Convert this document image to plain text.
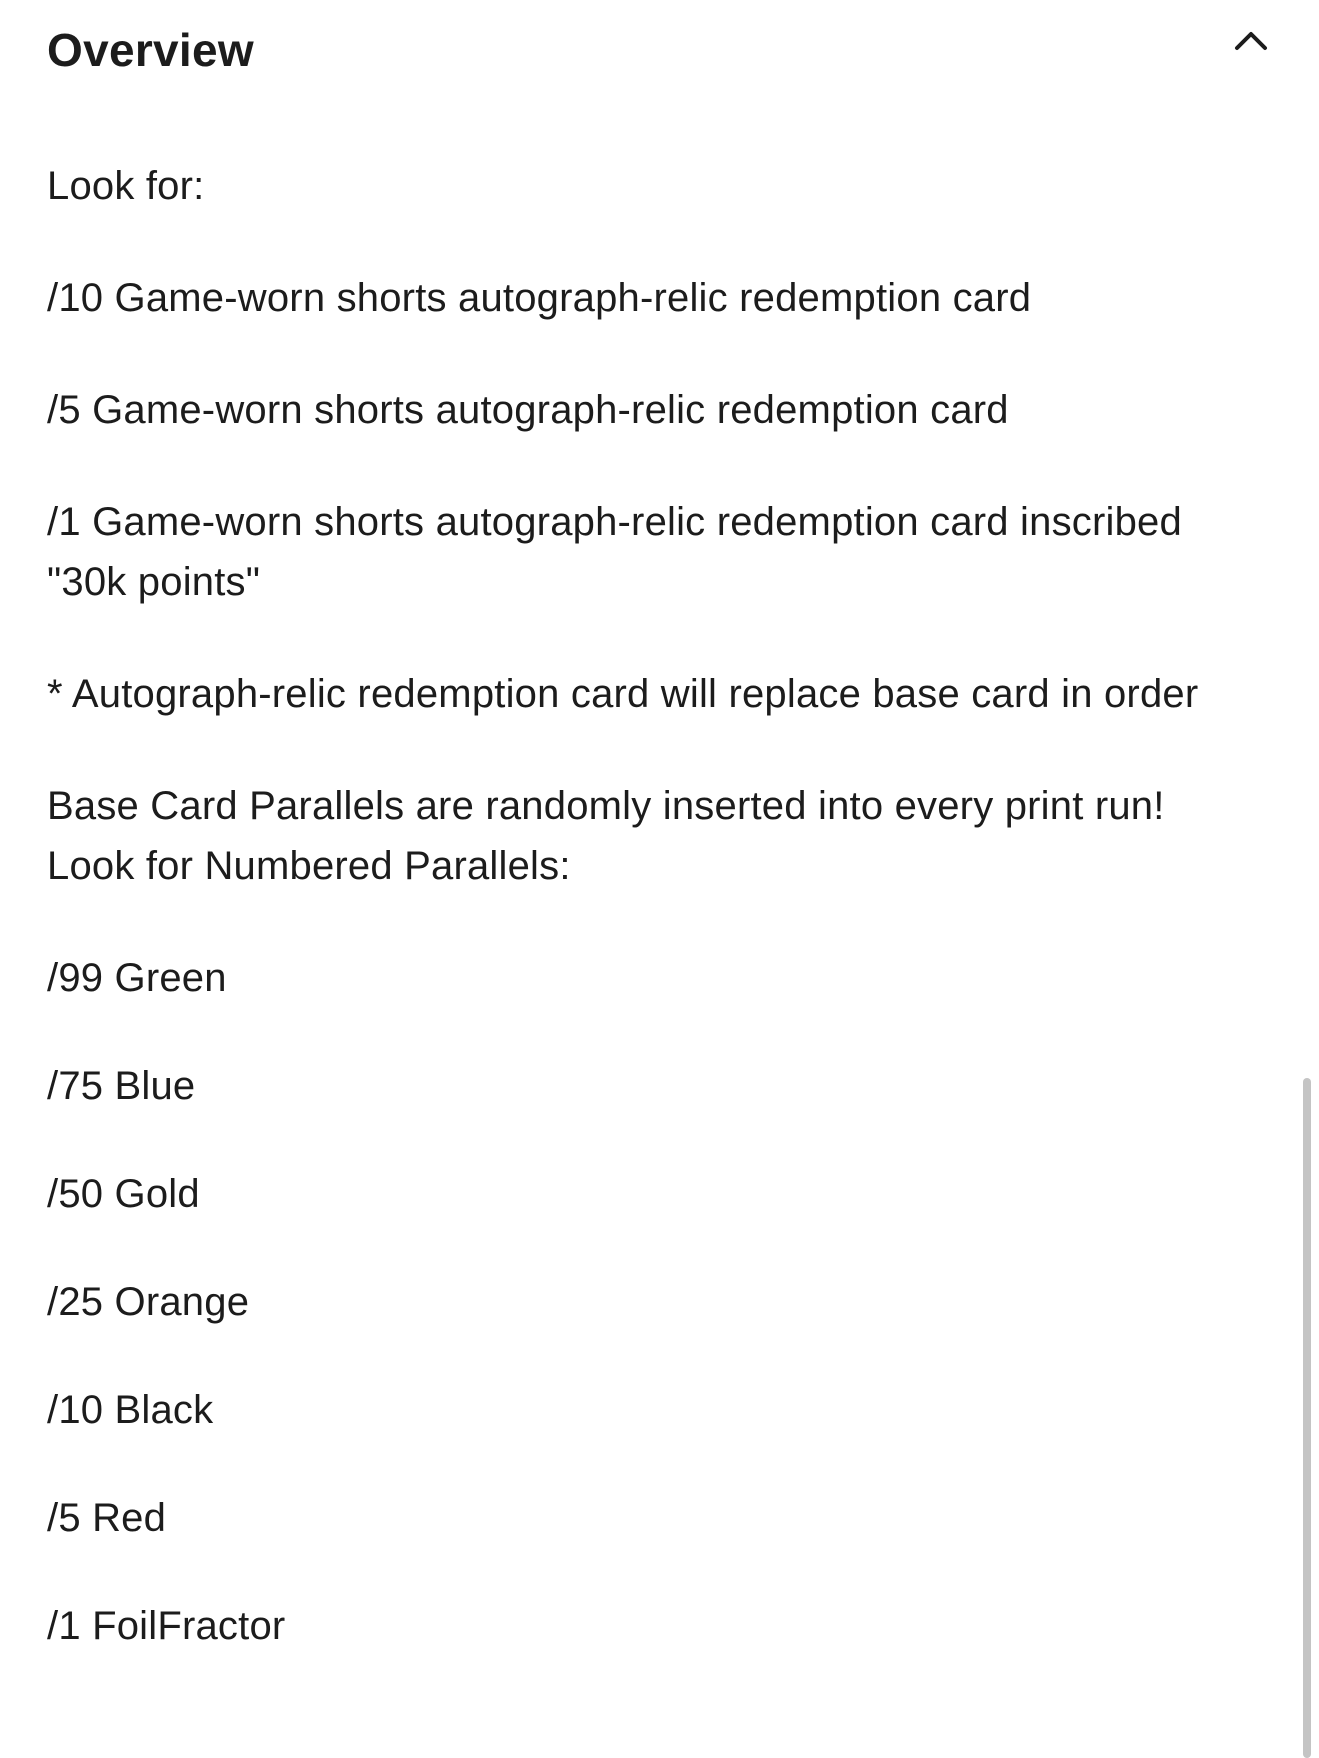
Overview

Look for:

/10 Game-worn shorts autograph-relic redemption card

/5 Game-worn shorts autograph-relic redemption card

/1 Game-worn shorts autograph-relic redemption card inscribed "30k points"

* Autograph-relic redemption card will replace base card in order

Base Card Parallels are randomly inserted into every print run! Look for Numbered Parallels:

/99 Green

/75 Blue

/50 Gold

/25 Orange

/10 Black

/5 Red

/1 FoilFractor
